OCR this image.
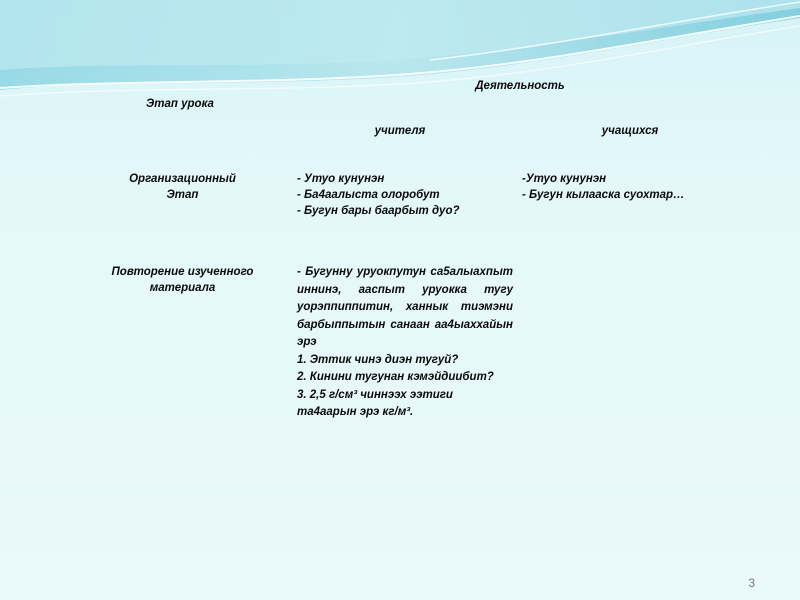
Этап урока
Деятельность
учителя	учащихся
Организационный
Этап
- Утуо кунунэн
- Ба4аалыста олоробут
- Бугун бары баарбыт дуо?
-Утуо кунунэн
- Бугун кылааска суохтар…
Повторение изученного
материала
- Бугунну уруокпутун са5алыахпыт иннинэ, ааспыт уруокка тугу уорэппиппитин, ханнык тиэмэни барбыппытын санаан аа4ыаххайын эрэ
1. Эттик чинэ диэн тугуй?
2. Кинини тугунан кэмэйдиибит?
3. 2,5 г/см³ чиннээх ээтиги та4аарын эрэ кг/м³.
3
